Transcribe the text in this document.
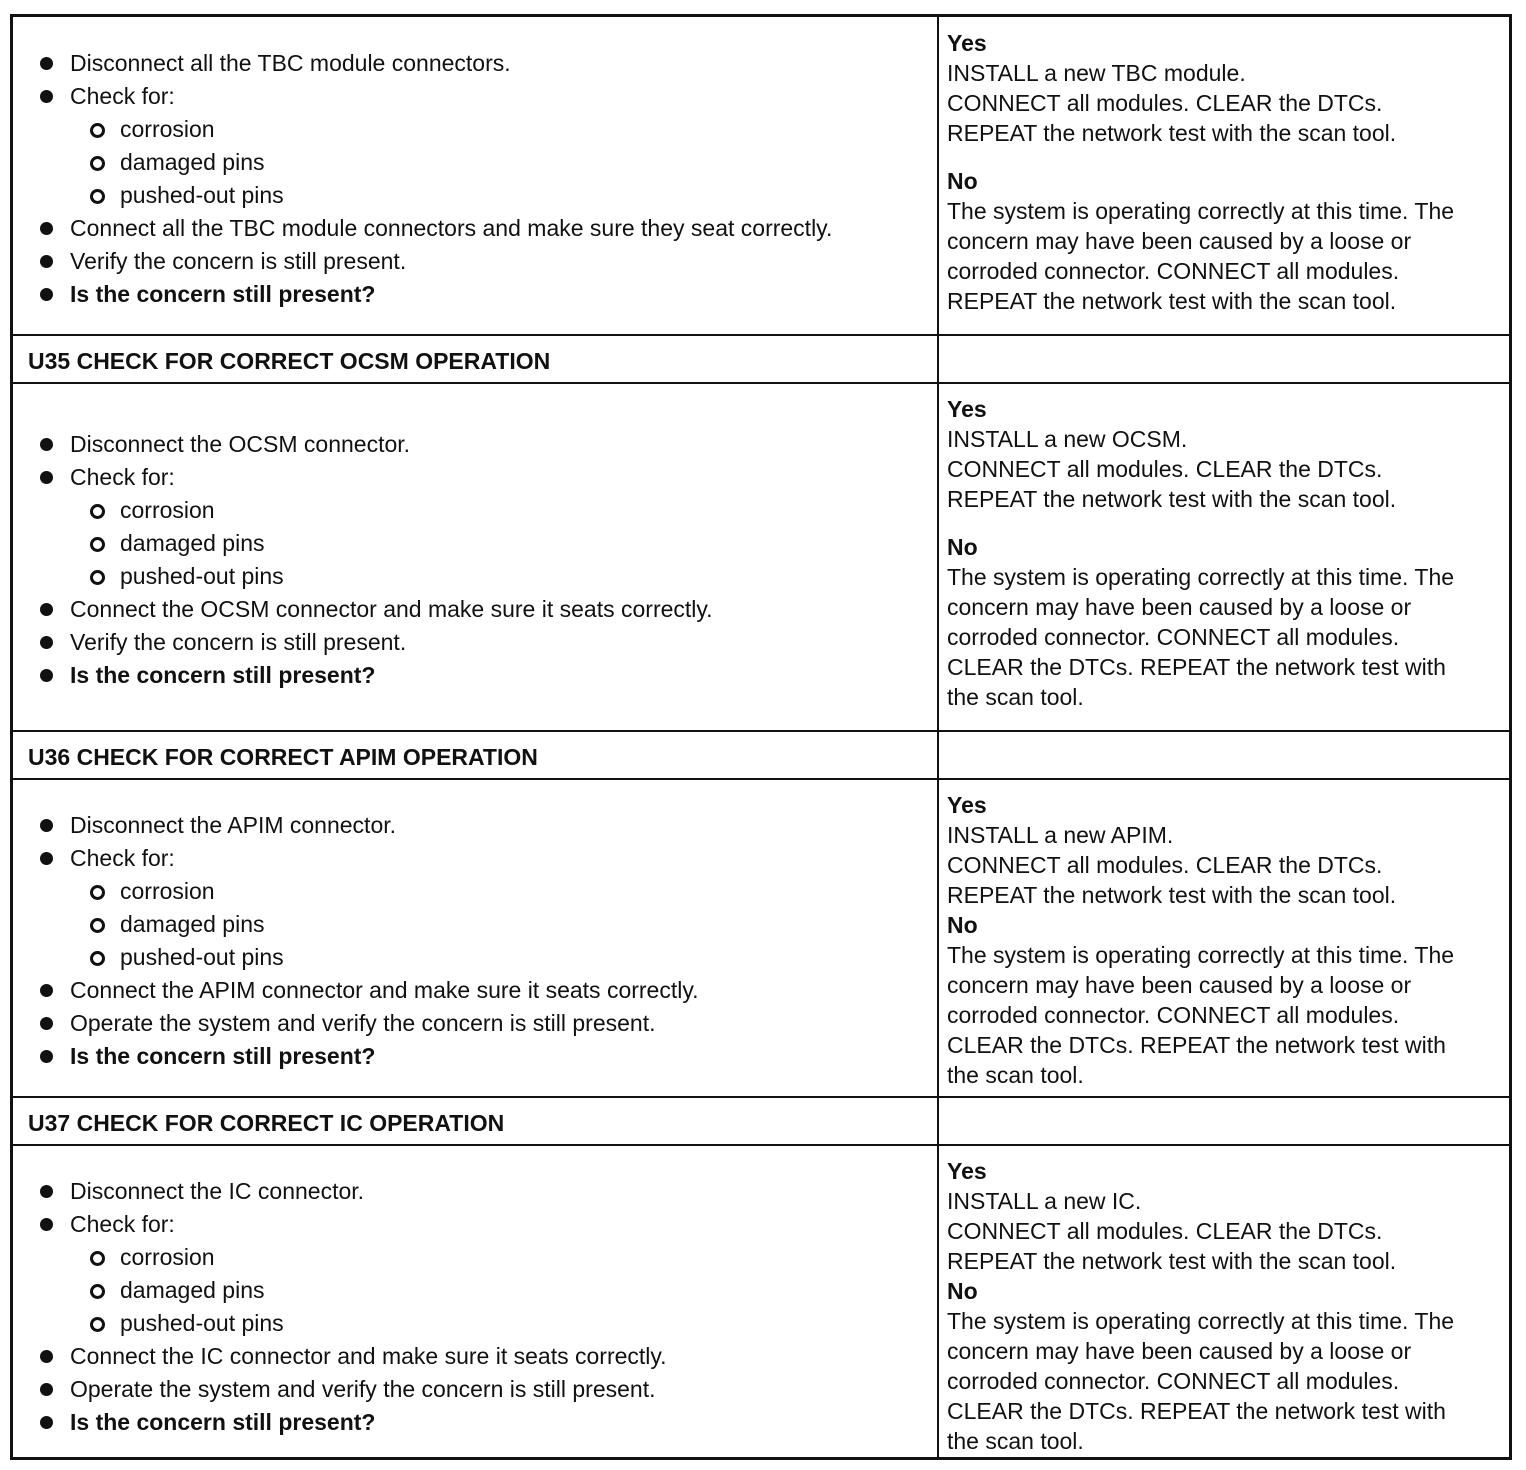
Disconnect all the TBC module connectors.
Check for:
corrosion
damaged pins
pushed-out pins
Connect all the TBC module connectors and make sure they seat correctly.
Verify the concern is still present.
Is the concern still present?

Yes

INSTALL a new TBC module.

CONNECT all modules. CLEAR the DTCs.

REPEAT the network test with the scan tool.

No

The system is operating correctly at this time. The

concern may have been caused by a loose or

corroded connector. CONNECT all modules.

REPEAT the network test with the scan tool.

U35 CHECK FOR CORRECT OCSM OPERATION
Disconnect the OCSM connector.
Check for:
corrosion
damaged pins
pushed-out pins
Connect the OCSM connector and make sure it seats correctly.
Verify the concern is still present.
Is the concern still present?

Yes

INSTALL a new OCSM.

CONNECT all modules. CLEAR the DTCs.

REPEAT the network test with the scan tool.

No

The system is operating correctly at this time. The

concern may have been caused by a loose or

corroded connector. CONNECT all modules.

CLEAR the DTCs. REPEAT the network test with

the scan tool.

U36 CHECK FOR CORRECT APIM OPERATION
Disconnect the APIM connector.
Check for:
corrosion
damaged pins
pushed-out pins
Connect the APIM connector and make sure it seats correctly.
Operate the system and verify the concern is still present.
Is the concern still present?

Yes

INSTALL a new APIM.

CONNECT all modules. CLEAR the DTCs.

REPEAT the network test with the scan tool.

No

The system is operating correctly at this time. The

concern may have been caused by a loose or

corroded connector. CONNECT all modules.

CLEAR the DTCs. REPEAT the network test with

the scan tool.

U37 CHECK FOR CORRECT IC OPERATION
Disconnect the IC connector.
Check for:
corrosion
damaged pins
pushed-out pins
Connect the IC connector and make sure it seats correctly.
Operate the system and verify the concern is still present.
Is the concern still present?

Yes

INSTALL a new IC.

CONNECT all modules. CLEAR the DTCs.

REPEAT the network test with the scan tool.

No

The system is operating correctly at this time. The

concern may have been caused by a loose or

corroded connector. CONNECT all modules.

CLEAR the DTCs. REPEAT the network test with

the scan tool.
